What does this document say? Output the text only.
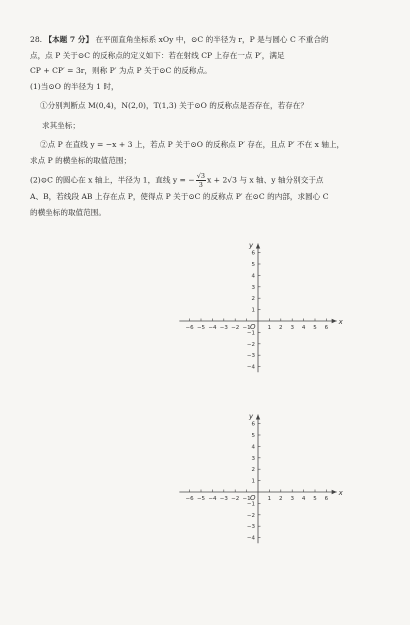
28. 【本题 7 分】 在平面直角坐标系 xOy 中，⊙C 的半径为 r，P 是与圆心 C 不重合的
点，点 P 关于⊙C 的反称点的定义如下：若在射线 CP 上存在一点 P′，满足
CP + CP′ = 3r，则称 P′ 为点 P 关于⊙C 的反称点。
(1)当⊙O 的半径为 1 时，
①分别判断点 M(0,4)，N(2,0)，T(1,3) 关于⊙O 的反称点是否存在，若存在？
求其坐标；
②点 P 在直线 y = −x + 3 上，若点 P 关于⊙O 的反称点 P′ 存在，且点 P′ 不在 x 轴上，
求点 P 的横坐标的取值范围；
(2)⊙C 的圆心在 x 轴上，半径为 1，直线 y = − $\frac{√3}{3}$ x + 2√3 与 x 轴、y 轴分别交于点
A、B，若线段 AB 上存在点 P，使得点 P 关于⊙C 的反称点 P′ 在⊙C 的内部，求圆心 C
的横坐标的取值范围。
x
y
O
−6 −5 −4 −3 −2 −1	1 2 3 4 5 6
6
5
4
3
2
1
−1
−2
−3
−4
x
y
O
−6 −5 −4 −3 −2 −1	1 2 3 4 5 6
6
5
4
3
2
1
−1
−2
−3
−4
